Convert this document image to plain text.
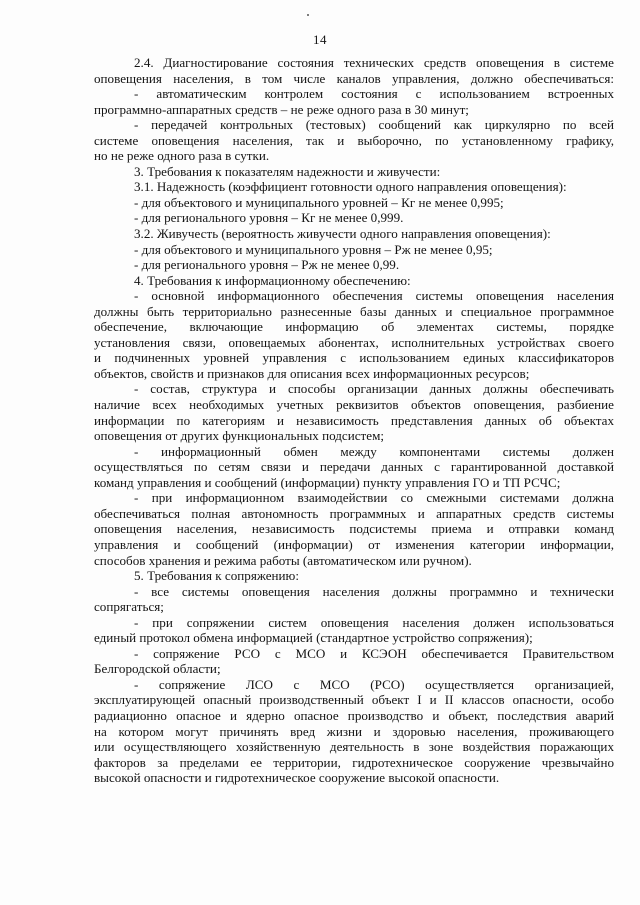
14
2.4. Диагностирование состояния технических средств оповещения в системе
оповещения населения, в том числе каналов управления, должно обеспечиваться:
- автоматическим контролем состояния с использованием встроенных
программно-аппаратных средств – не реже одного раза в 30 минут;
- передачей контрольных (тестовых) сообщений как циркулярно по всей
системе оповещения населения, так и выборочно, по установленному графику,
но не реже одного раза в сутки.
3. Требования к показателям надежности и живучести:
3.1. Надежность (коэффициент готовности одного направления оповещения):
- для объектового и муниципального уровней – Кг не менее 0,995;
- для регионального уровня – Кг не менее 0,999.
3.2. Живучесть (вероятность живучести одного направления оповещения):
- для объектового и муниципального уровня – Рж не менее 0,95;
- для регионального уровня – Рж не менее 0,99.
4. Требования к информационному обеспечению:
- основной информационного обеспечения системы оповещения населения
должны быть территориально разнесенные базы данных и специальное программное
обеспечение, включающие информацию об элементах системы, порядке
установления связи, оповещаемых абонентах, исполнительных устройствах своего
и подчиненных уровней управления с использованием единых классификаторов
объектов, свойств и признаков для описания всех информационных ресурсов;
- состав, структура и способы организации данных должны обеспечивать
наличие всех необходимых учетных реквизитов объектов оповещения, разбиение
информации по категориям и независимость представления данных об объектах
оповещения от других функциональных подсистем;
- информационный обмен между компонентами системы должен
осуществляться по сетям связи и передачи данных с гарантированной доставкой
команд управления и сообщений (информации) пункту управления ГО и ТП РСЧС;
- при информационном взаимодействии со смежными системами должна
обеспечиваться полная автономность программных и аппаратных средств системы
оповещения населения, независимость подсистемы приема и отправки команд
управления и сообщений (информации) от изменения категории информации,
способов хранения и режима работы (автоматическом или ручном).
5. Требования к сопряжению:
- все системы оповещения населения должны программно и технически
сопрягаться;
- при сопряжении систем оповещения населения должен использоваться
единый протокол обмена информацией (стандартное устройство сопряжения);
- сопряжение РСО с МСО и КСЭОН обеспечивается Правительством
Белгородской области;
- сопряжение ЛСО с МСО (РСО) осуществляется организацией,
эксплуатирующей опасный производственный объект I и II классов опасности, особо
радиационно опасное и ядерно опасное производство и объект, последствия аварий
на котором могут причинять вред жизни и здоровью населения, проживающего
или осуществляющего хозяйственную деятельность в зоне воздействия поражающих
факторов за пределами ее территории, гидротехническое сооружение чрезвычайно
высокой опасности и гидротехническое сооружение высокой опасности.
